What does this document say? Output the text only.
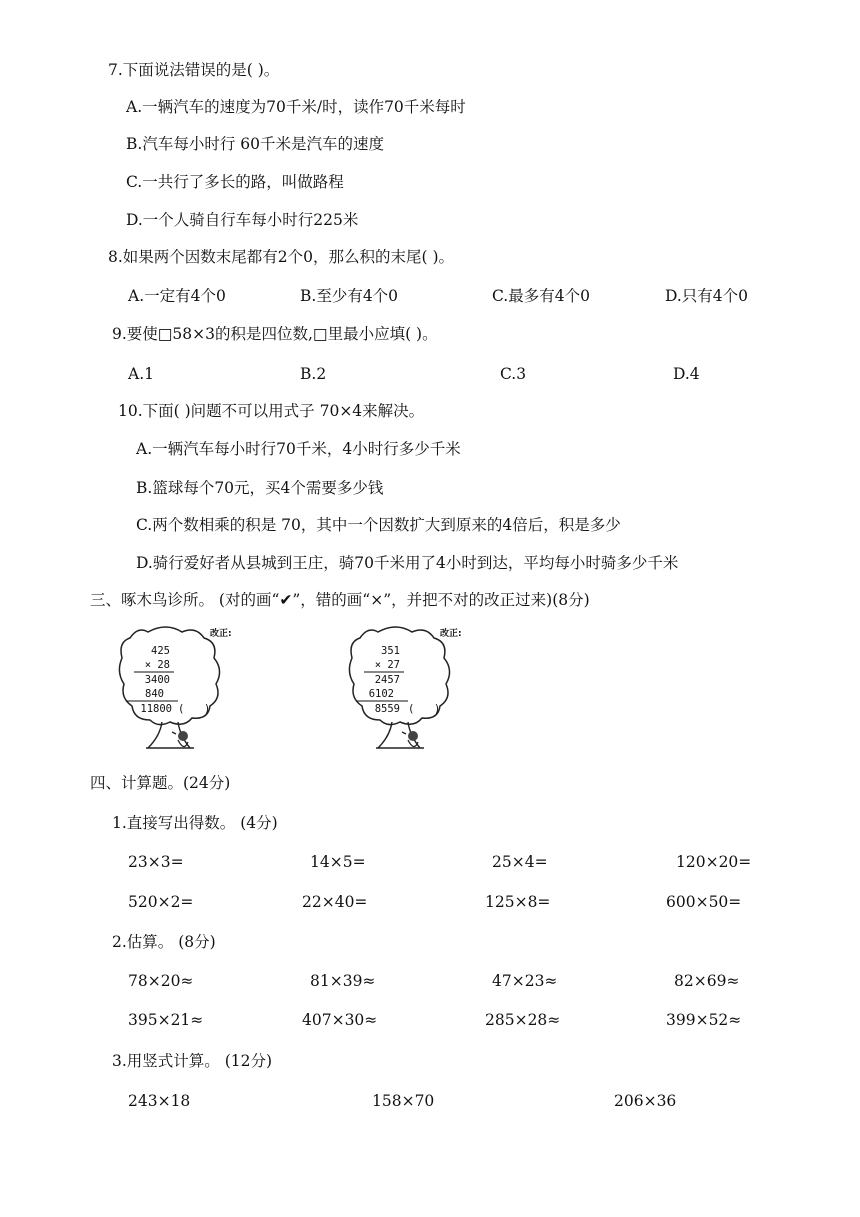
7.下面说法错误的是( )。
A.一辆汽车的速度为70千米/时，读作70千米每时
B.汽车每小时行 60千米是汽车的速度
C.一共行了多长的路，叫做路程
D.一个人骑自行车每小时行225米
8.如果两个因数末尾都有2个0，那么积的末尾( )。
A.一定有4个0	B.至少有4个0	C.最多有4个0	D.只有4个0
9.要使□58×3的积是四位数,□里最小应填( )。
A.1	B.2	C.3	D.4
10.下面( )问题不可以用式子 70×4来解决。
A.一辆汽车每小时行70千米，4小时行多少千米
B.篮球每个70元，买4个需要多少钱
C.两个数相乘的积是 70，其中一个因数扩大到原来的4倍后，积是多少
D.骑行爱好者从县城到王庄，骑70千米用了4小时到达，平均每小时骑多少千米
三、啄木鸟诊所。 (对的画“✔”，错的画“×”，并把不对的改正过来)(8分)
425
× 28
3400
840
11800 ( )
改正:
351
× 27
2457
6102
8559 ( )
改正:
四、计算题。(24分)
1.直接写出得数。 (4分)
23×3=	14×5=	25×4=	120×20=
520×2=	22×40=	125×8=	600×50=
2.估算。 (8分)
78×20≈	81×39≈	47×23≈	82×69≈
395×21≈	407×30≈	285×28≈	399×52≈
3.用竖式计算。 (12分)
243×18	158×70	206×36
